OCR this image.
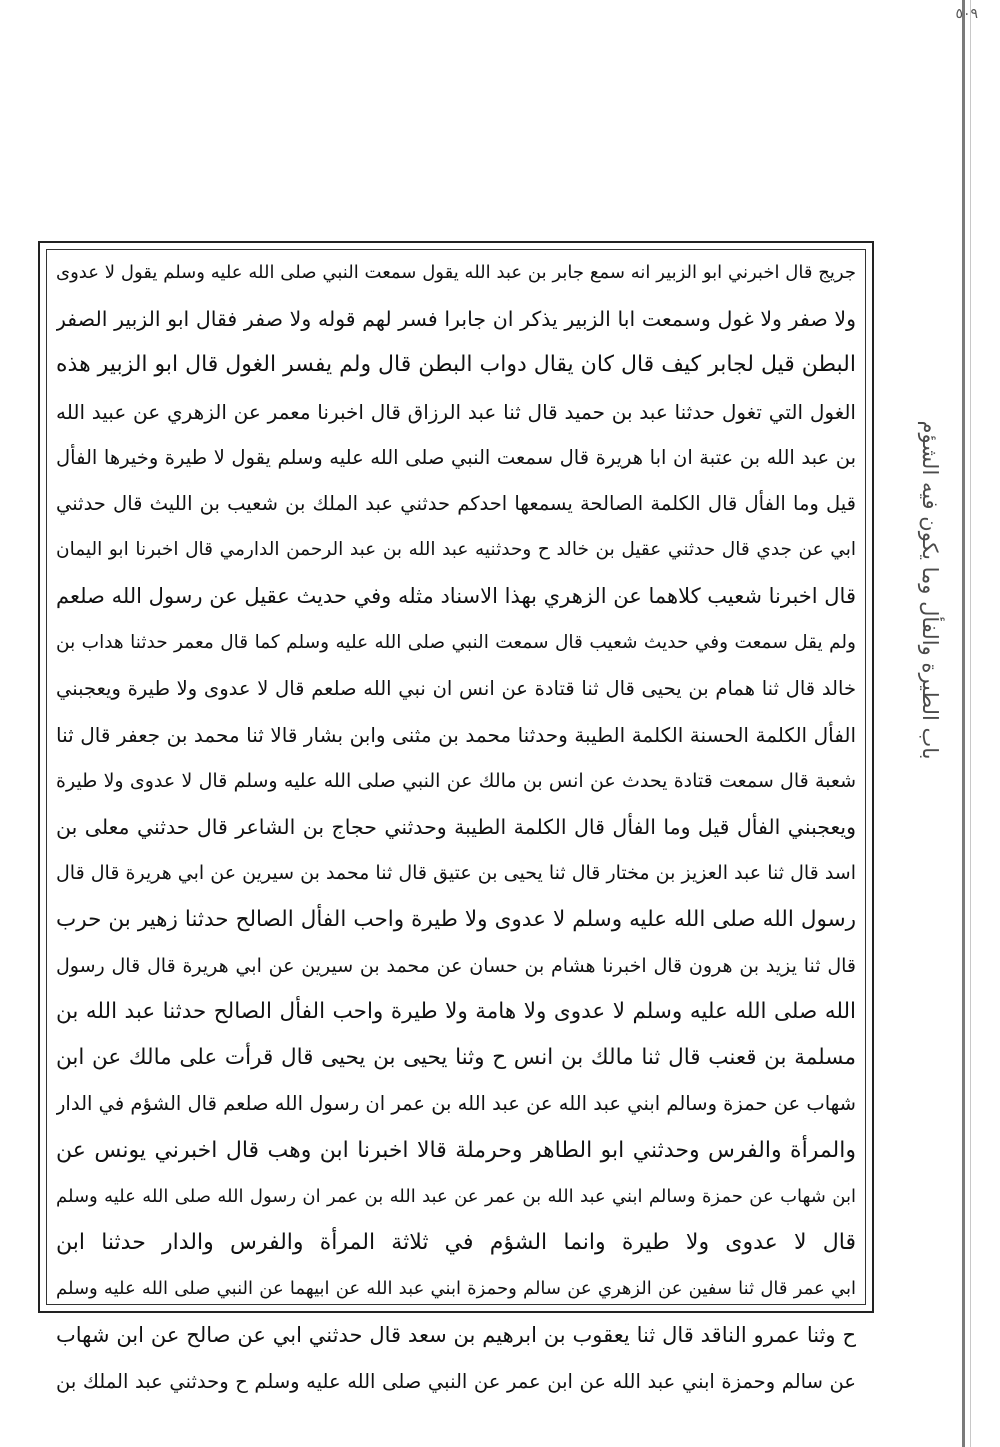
٥٠٩
جريج قال اخبرني ابو الزبير انه سمع جابر بن عبد الله يقول سمعت النبي صلى الله عليه وسلم يقول لا عدوى
ولا صفر ولا غول وسمعت ابا الزبير يذكر ان جابرا فسر لهم قوله ولا صفر فقال ابو الزبير الصفر
البطن قيل لجابر كيف قال كان يقال دواب البطن قال ولم يفسر الغول قال ابو الزبير هذه
الغول التي تغول حدثنا عبد بن حميد قال ثنا عبد الرزاق قال اخبرنا معمر عن الزهري عن عبيد الله
بن عبد الله بن عتبة ان ابا هريرة قال سمعت النبي صلى الله عليه وسلم يقول لا طيرة وخيرها الفأل
قيل وما الفأل قال الكلمة الصالحة يسمعها احدكم حدثني عبد الملك بن شعيب بن الليث قال حدثني
ابي عن جدي قال حدثني عقيل بن خالد ح وحدثنيه عبد الله بن عبد الرحمن الدارمي قال اخبرنا ابو اليمان
قال اخبرنا شعيب كلاهما عن الزهري بهذا الاسناد مثله وفي حديث عقيل عن رسول الله صلعم
ولم يقل سمعت وفي حديث شعيب قال سمعت النبي صلى الله عليه وسلم كما قال معمر حدثنا هداب بن
خالد قال ثنا همام بن يحيى قال ثنا قتادة عن انس ان نبي الله صلعم قال لا عدوى ولا طيرة ويعجبني
الفأل الكلمة الحسنة الكلمة الطيبة وحدثنا محمد بن مثنى وابن بشار قالا ثنا محمد بن جعفر قال ثنا
شعبة قال سمعت قتادة يحدث عن انس بن مالك عن النبي صلى الله عليه وسلم قال لا عدوى ولا طيرة
ويعجبني الفأل قيل وما الفأل قال الكلمة الطيبة وحدثني حجاج بن الشاعر قال حدثني معلى بن
اسد قال ثنا عبد العزيز بن مختار قال ثنا يحيى بن عتيق قال ثنا محمد بن سيرين عن ابي هريرة قال قال
رسول الله صلى الله عليه وسلم لا عدوى ولا طيرة واحب الفأل الصالح حدثنا زهير بن حرب
قال ثنا يزيد بن هرون قال اخبرنا هشام بن حسان عن محمد بن سيرين عن ابي هريرة قال قال رسول
الله صلى الله عليه وسلم لا عدوى ولا هامة ولا طيرة واحب الفأل الصالح حدثنا عبد الله بن
مسلمة بن قعنب قال ثنا مالك بن انس ح وثنا يحيى بن يحيى قال قرأت على مالك عن ابن
شهاب عن حمزة وسالم ابني عبد الله عن عبد الله بن عمر ان رسول الله صلعم قال الشؤم في الدار
والمرأة والفرس وحدثني ابو الطاهر وحرملة قالا اخبرنا ابن وهب قال اخبرني يونس عن
ابن شهاب عن حمزة وسالم ابني عبد الله بن عمر عن عبد الله بن عمر ان رسول الله صلى الله عليه وسلم
قال لا عدوى ولا طيرة وانما الشؤم في ثلاثة المرأة والفرس والدار حدثنا ابن
ابي عمر قال ثنا سفين عن الزهري عن سالم وحمزة ابني عبد الله عن ابيهما عن النبي صلى الله عليه وسلم
ح وثنا عمرو الناقد قال ثنا يعقوب بن ابرهيم بن سعد قال حدثني ابي عن صالح عن ابن شهاب
عن سالم وحمزة ابني عبد الله عن ابن عمر عن النبي صلى الله عليه وسلم ح وحدثني عبد الملك بن
باب الطيرة والفأل وما يكون فيه الشؤم
